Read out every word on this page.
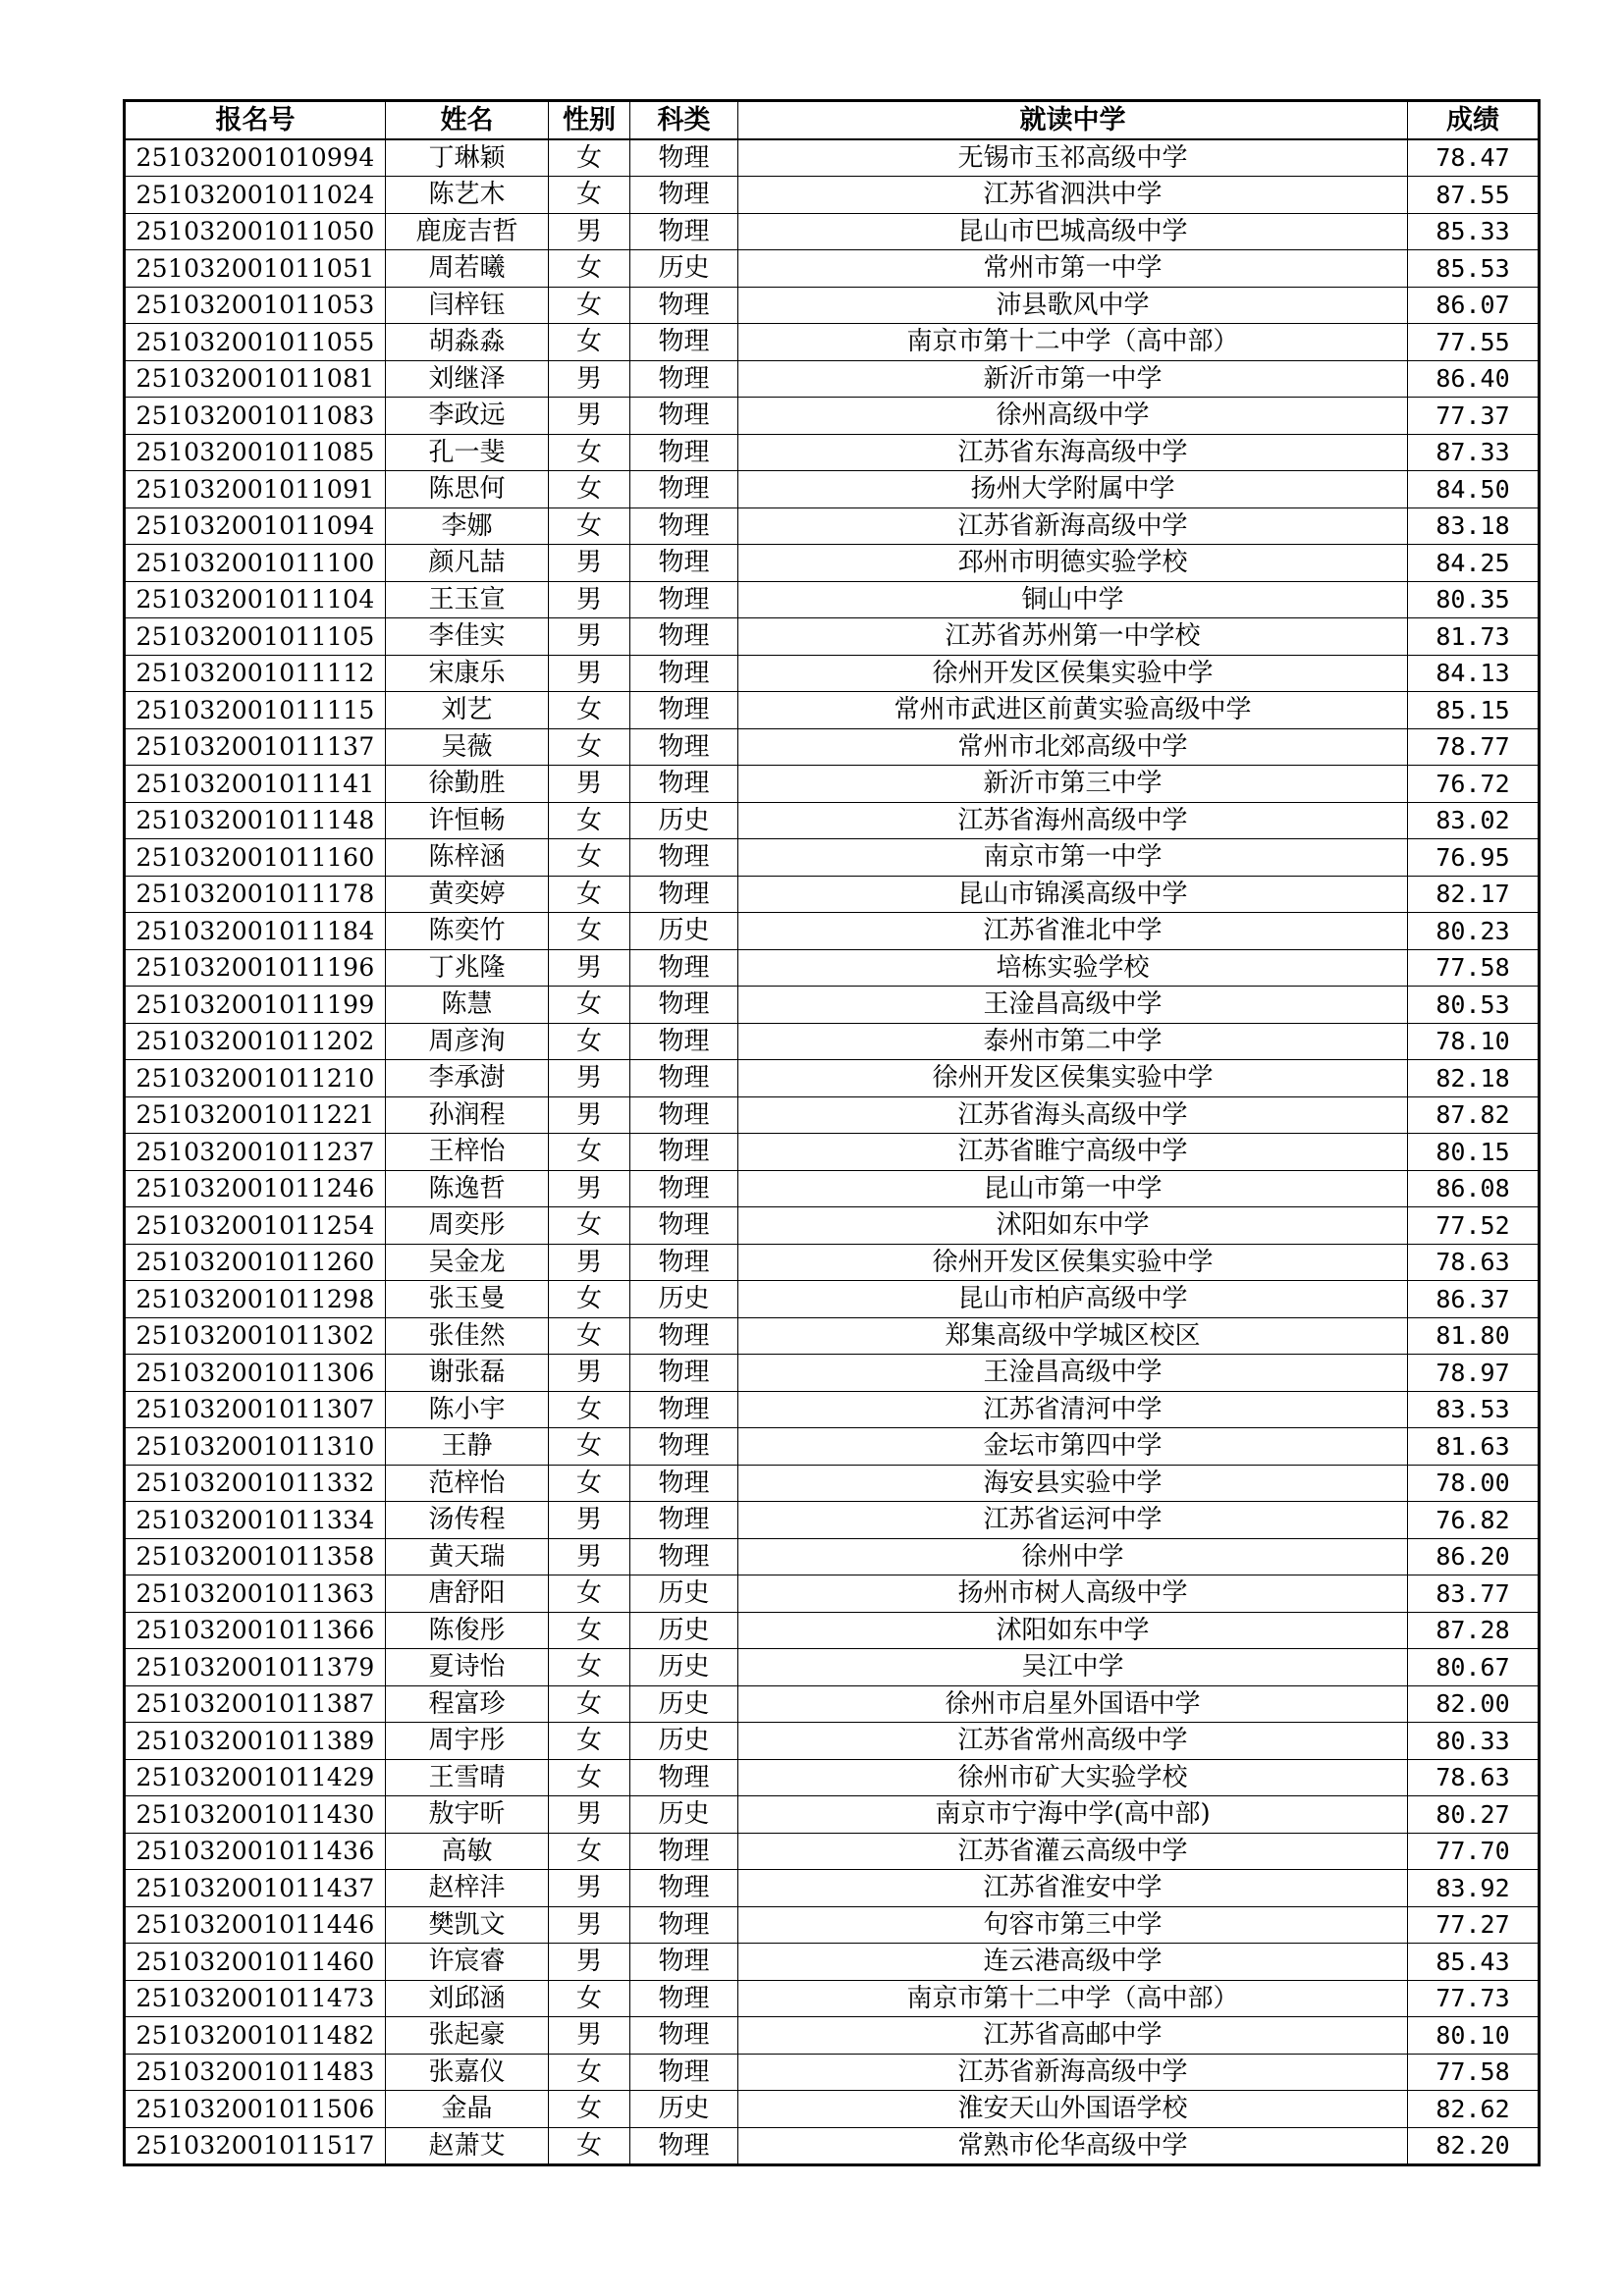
报名号	姓名	性别	科类	就读中学	成绩
251032001010994	丁琳颖	女	物理	无锡市玉祁高级中学	78.47
251032001011024	陈艺木	女	物理	江苏省泗洪中学	87.55
251032001011050	鹿庞吉哲	男	物理	昆山市巴城高级中学	85.33
251032001011051	周若曦	女	历史	常州市第一中学	85.53
251032001011053	闫梓钰	女	物理	沛县歌风中学	86.07
251032001011055	胡淼淼	女	物理	南京市第十二中学（高中部）	77.55
251032001011081	刘继泽	男	物理	新沂市第一中学	86.40
251032001011083	李政远	男	物理	徐州高级中学	77.37
251032001011085	孔一斐	女	物理	江苏省东海高级中学	87.33
251032001011091	陈思何	女	物理	扬州大学附属中学	84.50
251032001011094	李娜	女	物理	江苏省新海高级中学	83.18
251032001011100	颜凡喆	男	物理	邳州市明德实验学校	84.25
251032001011104	王玉宣	男	物理	铜山中学	80.35
251032001011105	李佳实	男	物理	江苏省苏州第一中学校	81.73
251032001011112	宋康乐	男	物理	徐州开发区侯集实验中学	84.13
251032001011115	刘艺	女	物理	常州市武进区前黄实验高级中学	85.15
251032001011137	吴薇	女	物理	常州市北郊高级中学	78.77
251032001011141	徐勤胜	男	物理	新沂市第三中学	76.72
251032001011148	许恒畅	女	历史	江苏省海州高级中学	83.02
251032001011160	陈梓涵	女	物理	南京市第一中学	76.95
251032001011178	黄奕婷	女	物理	昆山市锦溪高级中学	82.17
251032001011184	陈奕竹	女	历史	江苏省淮北中学	80.23
251032001011196	丁兆隆	男	物理	培栋实验学校	77.58
251032001011199	陈慧	女	物理	王淦昌高级中学	80.53
251032001011202	周彦洵	女	物理	泰州市第二中学	78.10
251032001011210	李承澍	男	物理	徐州开发区侯集实验中学	82.18
251032001011221	孙润程	男	物理	江苏省海头高级中学	87.82
251032001011237	王梓怡	女	物理	江苏省睢宁高级中学	80.15
251032001011246	陈逸哲	男	物理	昆山市第一中学	86.08
251032001011254	周奕彤	女	物理	沭阳如东中学	77.52
251032001011260	吴金龙	男	物理	徐州开发区侯集实验中学	78.63
251032001011298	张玉曼	女	历史	昆山市柏庐高级中学	86.37
251032001011302	张佳然	女	物理	郑集高级中学城区校区	81.80
251032001011306	谢张磊	男	物理	王淦昌高级中学	78.97
251032001011307	陈小宇	女	物理	江苏省清河中学	83.53
251032001011310	王静	女	物理	金坛市第四中学	81.63
251032001011332	范梓怡	女	物理	海安县实验中学	78.00
251032001011334	汤传程	男	物理	江苏省运河中学	76.82
251032001011358	黄天瑞	男	物理	徐州中学	86.20
251032001011363	唐舒阳	女	历史	扬州市树人高级中学	83.77
251032001011366	陈俊彤	女	历史	沭阳如东中学	87.28
251032001011379	夏诗怡	女	历史	吴江中学	80.67
251032001011387	程富珍	女	历史	徐州市启星外国语中学	82.00
251032001011389	周宇彤	女	历史	江苏省常州高级中学	80.33
251032001011429	王雪晴	女	物理	徐州市矿大实验学校	78.63
251032001011430	敖宇昕	男	历史	南京市宁海中学(高中部)	80.27
251032001011436	高敏	女	物理	江苏省灌云高级中学	77.70
251032001011437	赵梓沣	男	物理	江苏省淮安中学	83.92
251032001011446	樊凯文	男	物理	句容市第三中学	77.27
251032001011460	许宸睿	男	物理	连云港高级中学	85.43
251032001011473	刘邱涵	女	物理	南京市第十二中学（高中部）	77.73
251032001011482	张起豪	男	物理	江苏省高邮中学	80.10
251032001011483	张嘉仪	女	物理	江苏省新海高级中学	77.58
251032001011506	金晶	女	历史	淮安天山外国语学校	82.62
251032001011517	赵萧艾	女	物理	常熟市伦华高级中学	82.20
